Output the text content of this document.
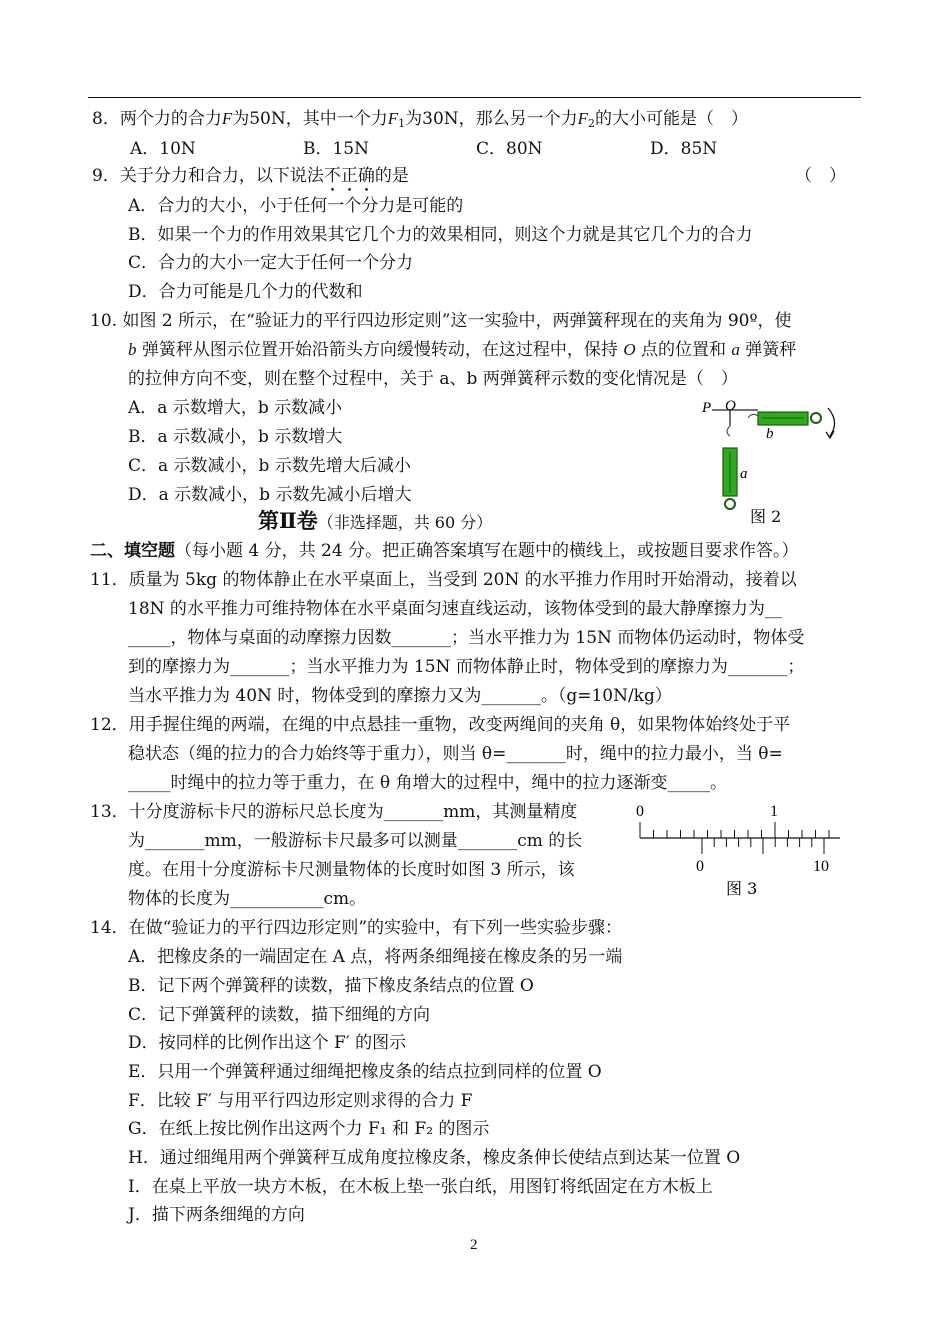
8．两个力的合力F为50N，其中一个力$F_1$为30N，那么另一个力$F_2$的大小可能是（　）
A．10N	B．15N	C．80N	D．85N
9．关于分力和合力，以下说法不正确的是	（　）
A．合力的大小，小于任何一个分力是可能的
B．如果一个力的作用效果其它几个力的效果相同，则这个力就是其它几个力的合力
C．合力的大小一定大于任何一个分力
D．合力可能是几个力的代数和
10. 如图 2 所示，在“验证力的平行四边形定则”这一实验中，两弹簧秤现在的夹角为 90º，使
b 弹簧秤从图示位置开始沿箭头方向缓慢转动，在这过程中，保持 O 点的位置和 a 弹簧秤
的拉伸方向不变，则在整个过程中，关于 a、b 两弹簧秤示数的变化情况是（　）
A．a 示数增大，b 示数减小
B．a 示数减小，b 示数增大
C．a 示数减小，b 示数先增大后减小
D．a 示数减小，b 示数先减小后增大
P O
b
a
图 2
第Ⅱ卷（非选择题，共 60 分）
二、填空题（每小题 4 分，共 24 分。把正确答案填写在题中的横线上，或按题目要求作答。）
11．质量为 5kg 的物体静止在水平桌面上，当受到 20N 的水平推力作用时开始滑动，接着以
18N 的水平推力可维持物体在水平桌面匀速直线运动，该物体受到的最大静摩擦力为__
_____，物体与桌面的动摩擦力因数_______；当水平推力为 15N 而物体仍运动时，物体受
到的摩擦力为_______；当水平推力为 15N 而物体静止时，物体受到的摩擦力为_______；
当水平推力为 40N 时，物体受到的摩擦力又为_______。（g=10N/kg）
12．用手握住绳的两端，在绳的中点悬挂一重物，改变两绳间的夹角 θ，如果物体始终处于平
稳状态（绳的拉力的合力始终等于重力），则当 θ=_______时，绳中的拉力最小，当 θ=
_____时绳中的拉力等于重力，在 θ 角增大的过程中，绳中的拉力逐渐变_____。
13．十分度游标卡尺的游标尺总长度为_______mm，其测量精度
为_______mm，一般游标卡尺最多可以测量_______cm 的长
度。在用十分度游标卡尺测量物体的长度时如图 3 所示，该
物体的长度为___________cm。
0	1
0	10
图 3
14．在做“验证力的平行四边形定则”的实验中，有下列一些实验步骤：
A．把橡皮条的一端固定在 A 点，将两条细绳接在橡皮条的另一端
B．记下两个弹簧秤的读数，描下橡皮条结点的位置 O
C．记下弹簧秤的读数，描下细绳的方向
D．按同样的比例作出这个 F′ 的图示
E．只用一个弹簧秤通过细绳把橡皮条的结点拉到同样的位置 O
F．比较 F′ 与用平行四边形定则求得的合力 F
G．在纸上按比例作出这两个力 F₁ 和 F₂ 的图示
H．通过细绳用两个弹簧秤互成角度拉橡皮条，橡皮条伸长使结点到达某一位置 O
I．在桌上平放一块方木板，在木板上垫一张白纸，用图钉将纸固定在方木板上
J．描下两条细绳的方向
2
